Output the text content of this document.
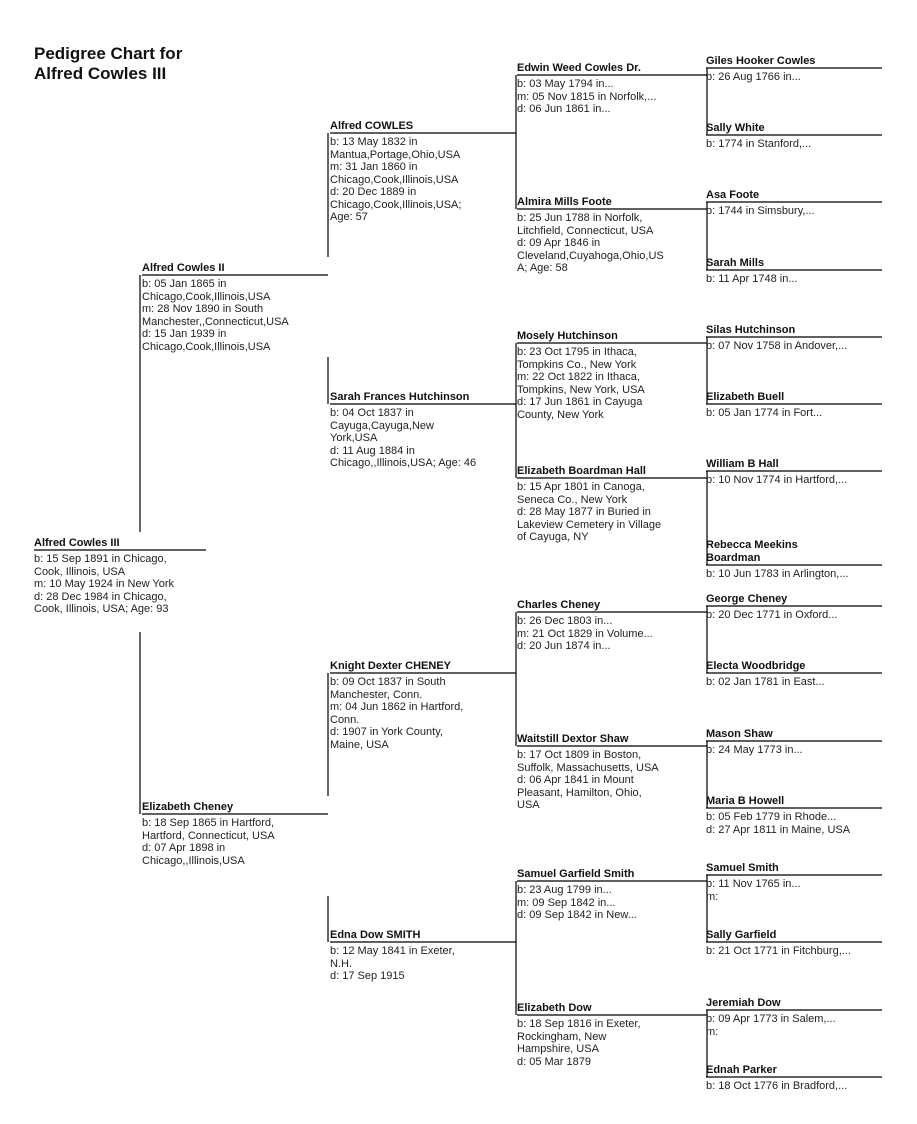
Pedigree Chart for
Alfred Cowles III
Alfred Cowles III
b: 15 Sep 1891 in Chicago,
Cook, Illinois, USA
m: 10 May 1924 in New York
d: 28 Dec 1984 in Chicago,
Cook, Illinois, USA; Age: 93
Alfred Cowles II
b: 05 Jan 1865 in
Chicago,Cook,Illinois,USA
m: 28 Nov 1890 in South
Manchester,,Connecticut,USA
d: 15 Jan 1939 in
Chicago,Cook,Illinois,USA
Elizabeth Cheney
b: 18 Sep 1865 in Hartford,
Hartford, Connecticut, USA
d: 07 Apr 1898 in
Chicago,,Illinois,USA
Alfred COWLES
b: 13 May 1832 in
Mantua,Portage,Ohio,USA
m: 31 Jan 1860 in
Chicago,Cook,Illinois,USA
d: 20 Dec 1889 in
Chicago,Cook,Illinois,USA;
Age: 57
Sarah Frances Hutchinson
b: 04 Oct 1837 in
Cayuga,Cayuga,New
York,USA
d: 11 Aug 1884 in
Chicago,,Illinois,USA; Age: 46
Knight Dexter CHENEY
b: 09 Oct 1837 in South
Manchester, Conn.
m: 04 Jun 1862 in Hartford,
Conn.
d: 1907 in York County,
Maine, USA
Edna Dow SMITH
b: 12 May 1841 in Exeter,
N.H.
d: 17 Sep 1915
Edwin Weed Cowles Dr.
b: 03 May 1794 in...
m: 05 Nov 1815 in Norfolk,...
d: 06 Jun 1861 in...
Almira Mills Foote
b: 25 Jun 1788 in Norfolk,
Litchfield, Connecticut, USA
d: 09 Apr 1846 in
Cleveland,Cuyahoga,Ohio,US
A; Age: 58
Mosely Hutchinson
b: 23 Oct 1795 in Ithaca,
Tompkins Co., New York
m: 22 Oct 1822 in Ithaca,
Tompkins, New York, USA
d: 17 Jun 1861 in Cayuga
County, New York
Elizabeth Boardman Hall
b: 15 Apr 1801 in Canoga,
Seneca Co., New York
d: 28 May 1877 in Buried in
Lakeview Cemetery in Village
of Cayuga, NY
Charles Cheney
b: 26 Dec 1803 in...
m: 21 Oct 1829 in Volume...
d: 20 Jun 1874 in...
Waitstill Dextor Shaw
b: 17 Oct 1809 in Boston,
Suffolk, Massachusetts, USA
d: 06 Apr 1841 in Mount
Pleasant, Hamilton, Ohio,
USA
Samuel Garfield Smith
b: 23 Aug 1799 in...
m: 09 Sep 1842 in...
d: 09 Sep 1842 in New...
Elizabeth Dow
b: 18 Sep 1816 in Exeter,
Rockingham, New
Hampshire, USA
d: 05 Mar 1879
Giles Hooker Cowles
b: 26 Aug 1766 in...
Sally White
b: 1774 in Stanford,...
Asa Foote
b: 1744 in Simsbury,...
Sarah Mills
b: 11 Apr 1748 in...
Silas Hutchinson
b: 07 Nov 1758 in Andover,...
Elizabeth Buell
b: 05 Jan 1774 in Fort...
William B Hall
b: 10 Nov 1774 in Hartford,...
Rebecca Meekins
Boardman
b: 10 Jun 1783 in Arlington,...
George Cheney
b: 20 Dec 1771 in Oxford...
Electa Woodbridge
b: 02 Jan 1781 in East...
Mason Shaw
b: 24 May 1773 in...
Maria B Howell
b: 05 Feb 1779 in Rhode...
d: 27 Apr 1811 in Maine, USA
Samuel Smith
b: 11 Nov 1765 in...
m:
Sally Garfield
b: 21 Oct 1771 in Fitchburg,...
Jeremiah Dow
b: 09 Apr 1773 in Salem,...
m:
Ednah Parker
b: 18 Oct 1776 in Bradford,...
